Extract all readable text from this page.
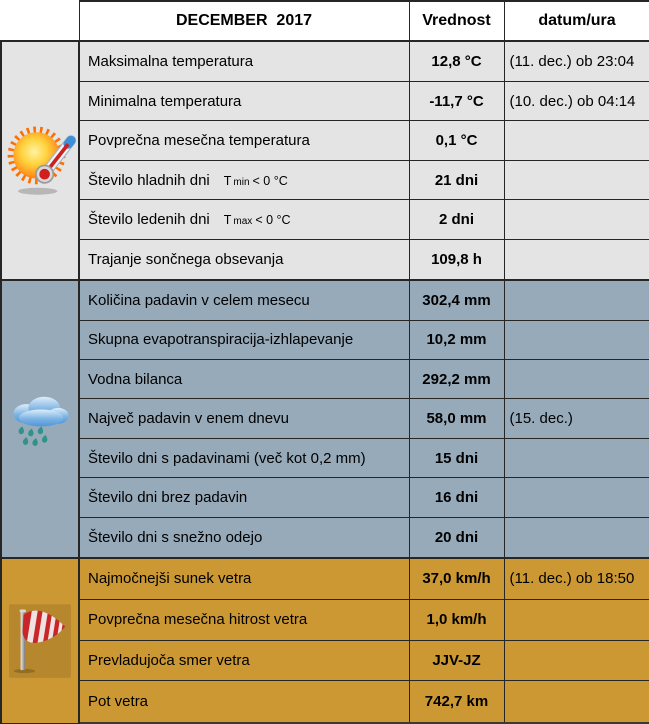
	DECEMBER  2017	Vrednost	datum/ura

	Maksimalna temperatura	12,8 °C	(11. dec.) ob 23:04
	Minimalna temperatura	-11,7 °C	(10. dec.) ob 04:14
	Povprečna mesečna temperatura	0,1 °C	
	Število hladnih dni T min < 0 °C	21 dni	
	Število ledenih dni T max < 0 °C	2 dni	
	Trajanje sončnega obsevanja	109,8 h	

	Količina padavin v celem mesecu	302,4 mm	
	Skupna evapotranspiracija-izhlapevanje	10,2 mm	
	Vodna bilanca	292,2 mm	
	Največ padavin v enem dnevu	58,0 mm	(15. dec.)
	Število dni s padavinami (več kot 0,2 mm)	15 dni	
	Število dni brez padavin	16 dni	
	Število dni s snežno odejo	20 dni	

	Najmočnejši sunek vetra	37,0 km/h	(11. dec.) ob 18:50
	Povprečna mesečna hitrost vetra	1,0 km/h	
	Prevladujoča smer vetra	JJV-JZ	
	Pot vetra	742,7 km	
